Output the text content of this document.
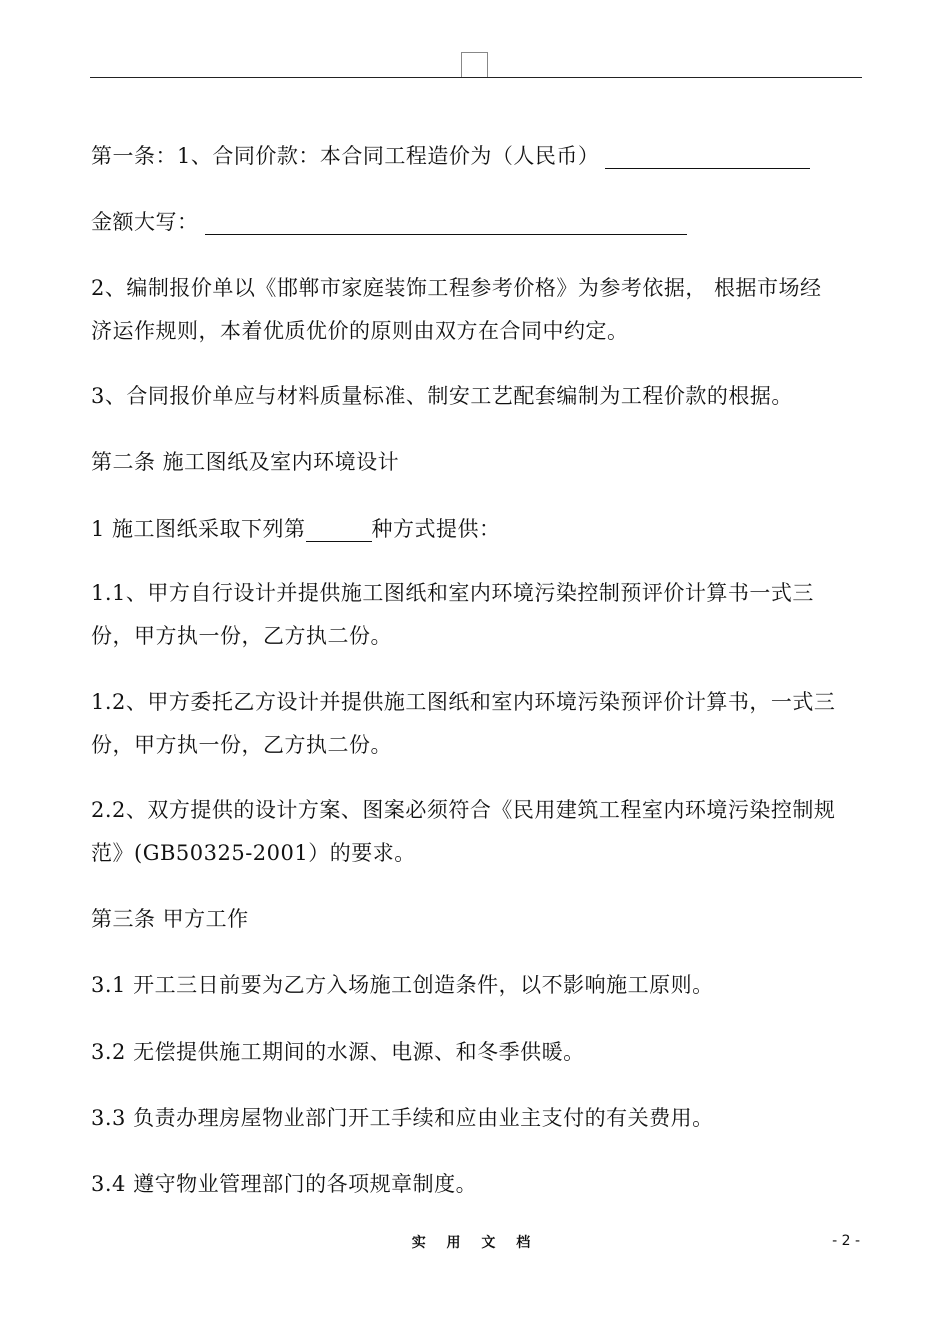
第一条：1、合同价款：本合同工程造价为（人民币）
金额大写：
2、编制报价单以《邯郸市家庭装饰工程参考价格》为参考依据， 根据市场经
济运作规则，本着优质优价的原则由双方在合同中约定。
3、合同报价单应与材料质量标准、制安工艺配套编制为工程价款的根据。
第二条 施工图纸及室内环境设计
1 施工图纸采取下列第	种方式提供：
1.1、甲方自行设计并提供施工图纸和室内环境污染控制预评价计算书一式三
份，甲方执一份，乙方执二份。
1.2、甲方委托乙方设计并提供施工图纸和室内环境污染预评价计算书，一式三
份，甲方执一份，乙方执二份。
2.2、双方提供的设计方案、图案必须符合《民用建筑工程室内环境污染控制规
范》(GB50325-2001）的要求。
第三条 甲方工作
3.1 开工三日前要为乙方入场施工创造条件，以不影响施工原则。
3.2 无偿提供施工期间的水源、电源、和冬季供暖。
3.3 负责办理房屋物业部门开工手续和应由业主支付的有关费用。
3.4 遵守物业管理部门的各项规章制度。
实 用 文 档	- 2 -
